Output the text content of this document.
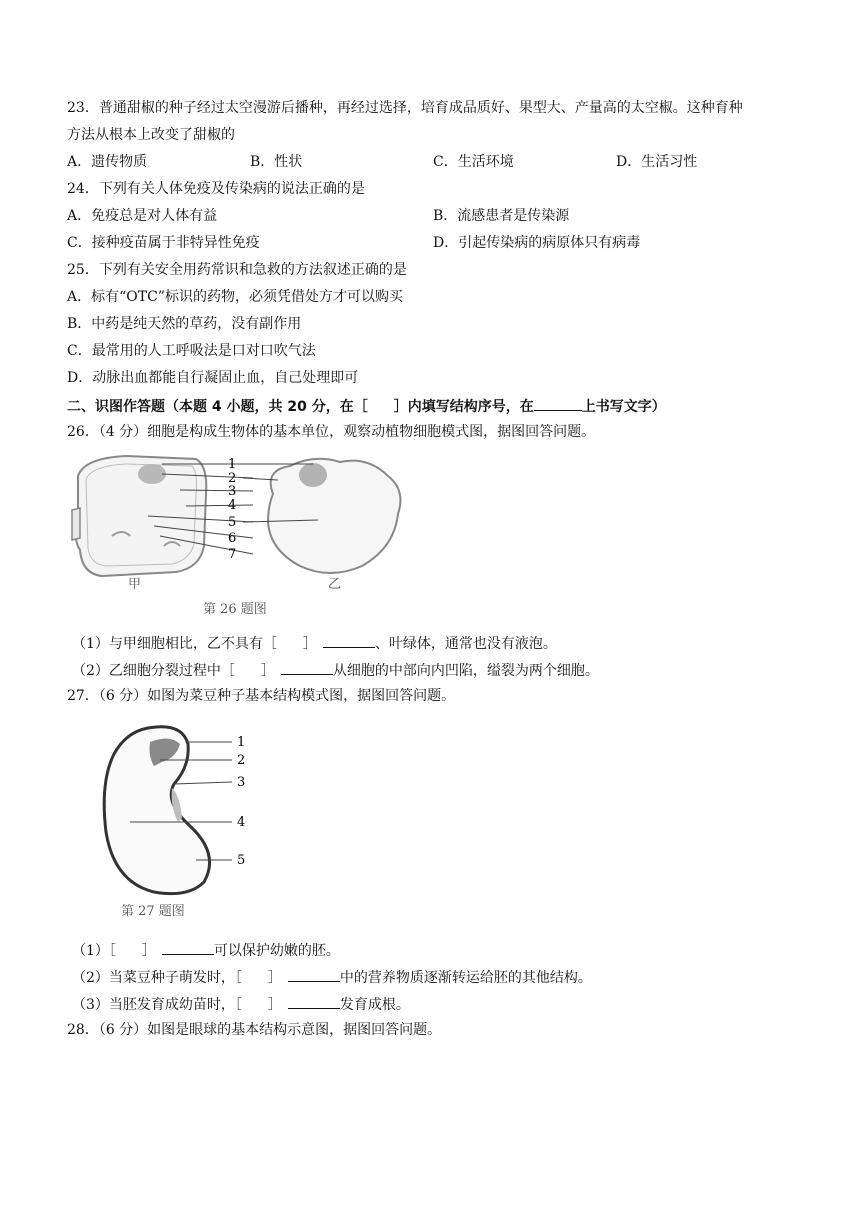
23．普通甜椒的种子经过太空漫游后播种，再经过选择，培育成品质好、果型大、产量高的太空椒。这种育种
方法从根本上改变了甜椒的
A．遗传物质	B．性状	C．生活环境	D．生活习性
24．下列有关人体免疫及传染病的说法正确的是
A．免疫总是对人体有益	B．流感患者是传染源
C．接种疫苗属于非特异性免疫	D．引起传染病的病原体只有病毒
25．下列有关安全用药常识和急救的方法叙述正确的是
A．标有“OTC”标识的药物，必须凭借处方才可以购买
B．中药是纯天然的草药，没有副作用
C．最常用的人工呼吸法是口对口吹气法
D．动脉出血都能自行凝固止血，自己处理即可
二、识图作答题（本题 4 小题，共 20 分，在［ ］内填写结构序号，在	上书写文字）
26．（4 分）细胞是构成生物体的基本单位，观察动植物细胞模式图，据图回答问题。
1
2
3
4
5
6
7
甲	乙
第 26 题图
（1）与甲细胞相比，乙不具有［ ］	、叶绿体，通常也没有液泡。
（2）乙细胞分裂过程中［ ］	从细胞的中部向内凹陷，缢裂为两个细胞。
27．（6 分）如图为菜豆种子基本结构模式图，据图回答问题。
1
2
3
4
5
第 27 题图
（1）［ ］	可以保护幼嫩的胚。
（2）当菜豆种子萌发时，［ ］	中的营养物质逐渐转运给胚的其他结构。
（3）当胚发育成幼苗时，［ ］	发育成根。
28．（6 分）如图是眼球的基本结构示意图，据图回答问题。
